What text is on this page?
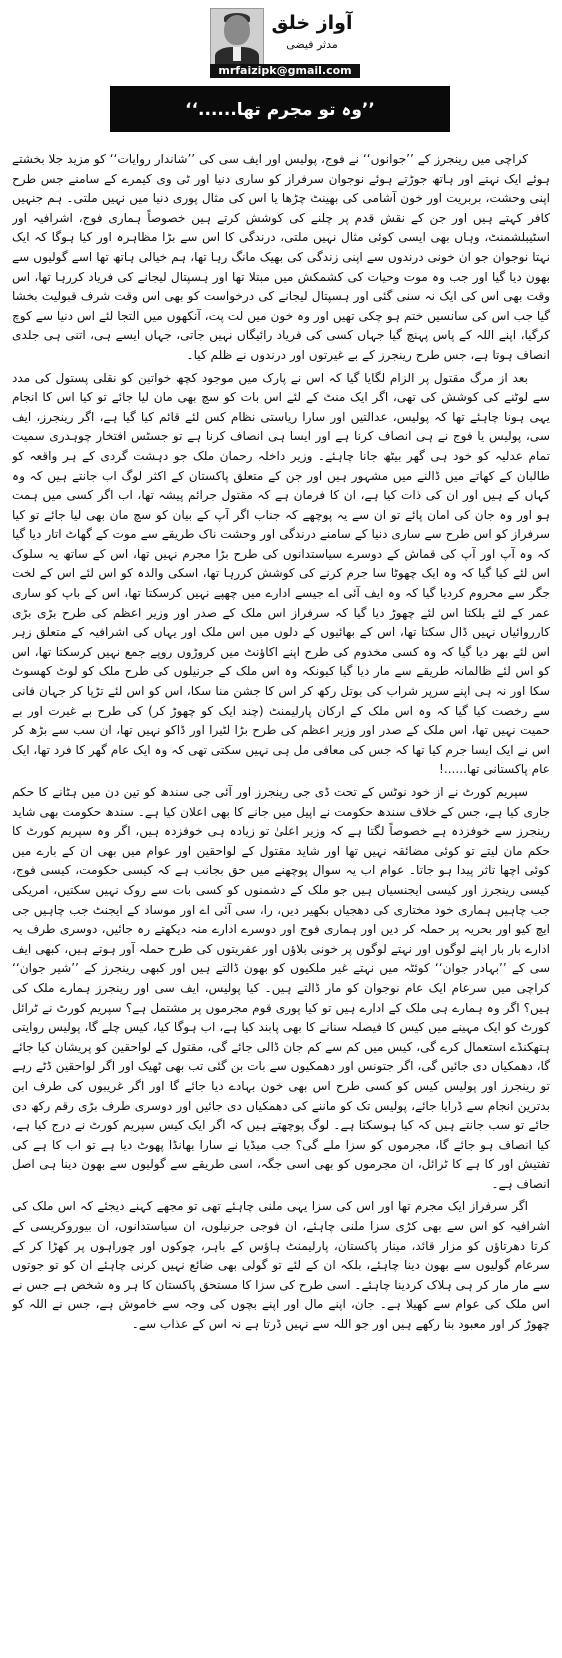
آواز خلق
مدثر فیضی
mrfaizipk@gmail.com
’’وہ تو مجرم تھا......‘‘

کراچی میں رینجرز کے ’’جوانوں‘‘ نے فوج، پولیس اور ایف سی کی ’’شاندار روایات‘‘ کو مزید جلا بخشتے ہوئے ایک نہتے اور ہاتھ جوڑتے ہوئے نوجوان سرفراز کو ساری دنیا اور ٹی وی کیمرے کے سامنے جس طرح اپنی وحشت، بربریت اور خون آشامی کی بھینٹ چڑھا یا اس کی مثال پوری دنیا میں نہیں ملتی۔ ہم جنہیں کافر کہتے ہیں اور جن کے نقش قدم پر چلنے کی کوشش کرتے ہیں خصوصاً ہماری فوج، اشرافیہ اور اسٹیبلشمنٹ، وہاں بھی ایسی کوئی مثال نہیں ملتی، درندگی کا اس سے بڑا مظاہرہ اور کیا ہوگا کہ ایک نہتا نوجوان جو ان خونی درندوں سے اپنی زندگی کی بھیک مانگ رہا تھا، ہم خیالی ہاتھ تھا اسے گولیوں سے بھون دیا گیا اور جب وہ موت وحیات کی کشمکش میں مبتلا تھا اور ہسپتال لیجانے کی فریاد کررہا تھا، اس وقت بھی اس کی ایک نہ سنی گئی اور ہسپتال لیجانے کی درخواست کو بھی اس وقت شرف قبولیت بخشا گیا جب اس کی سانسیں ختم ہو چکی تھیں اور وہ خون میں لت پت، آنکھوں میں التجا لئے اس دنیا سے کوچ کرگیا، اپنے اللہ کے پاس پہنچ گیا جہاں کسی کی فریاد رائیگاں نہیں جاتی، جہاں ایسے ہی، اتنی ہی جلدی انصاف ہوتا ہے، جس طرح رینجرز کے بے غیرتوں اور درندوں نے ظلم کیا۔

بعد از مرگ مقتول پر الزام لگایا گیا کہ اس نے پارک میں موجود کچھ خواتین کو نقلی پستول کی مدد سے لوٹنے کی کوشش کی تھی، اگر ایک منٹ کے لئے اس بات کو سچ بھی مان لیا جائے تو کیا اس کا انجام یہی ہونا چاہئے تھا کہ پولیس، عدالتیں اور سارا ریاستی نظام کس لئے قائم کیا گیا ہے، اگر رینجرز، ایف سی، پولیس یا فوج نے ہی انصاف کرنا ہے اور ایسا ہی انصاف کرنا ہے تو جسٹس افتخار چوہدری سمیت تمام عدلیہ کو خود ہی گھر بیٹھ جانا چاہئے۔ وزیر داخلہ رحمان ملک جو دہشت گردی کے ہر واقعہ کو طالبان کے کھاتے میں ڈالنے میں مشہور ہیں اور جن کے متعلق پاکستان کے اکثر لوگ اب جانتے ہیں کہ وہ کہاں کے ہیں اور ان کی ذات کیا ہے، ان کا فرمان ہے کہ مقتول جرائم پیشہ تھا، اب اگر کسی میں ہمت ہو اور وہ جان کی امان پائے تو ان سے یہ پوچھے کہ جناب اگر آپ کے بیان کو سچ مان بھی لیا جائے تو کیا سرفراز کو اس طرح سے ساری دنیا کے سامنے درندگی اور وحشت ناک طریقے سے موت کے گھاٹ اتار دیا گیا کہ وہ آپ اور آپ کی قماش کے دوسرے سیاستدانوں کی طرح بڑا مجرم نہیں تھا، اس کے ساتھ یہ سلوک اس لئے کیا گیا کہ وہ ایک چھوٹا سا جرم کرنے کی کوشش کررہا تھا، اسکی والدہ کو اس لئے اس کے لخت جگر سے محروم کردیا گیا کہ وہ ایف آئی اے جیسے ادارے میں چھپے نہیں کرسکتا تھا، اس کے باپ کو ساری عمر کے لئے بلکتا اس لئے چھوڑ دیا گیا کہ سرفراز اس ملک کے صدر اور وزیر اعظم کی طرح بڑی بڑی کارروائیاں نہیں ڈال سکتا تھا، اس کے بھائیوں کے دلوں میں اس ملک اور یہاں کی اشرافیہ کے متعلق زہر اس لئے بھر دیا گیا کہ وہ کسی مخدوم کی طرح اپنے اکاؤنٹ میں کروڑوں روپے جمع نہیں کرسکتا تھا، اس کو اس لئے ظالمانہ طریقے سے مار دیا گیا کیونکہ وہ اس ملک کے جرنیلوں کی طرح ملک کو لوٹ کھسوٹ سکا اور نہ ہی اپنے سرپر شراب کی بوتل رکھ کر اس کا جشن منا سکا، اس کو اس لئے تڑپا کر جہان فانی سے رخصت کیا گیا کہ وہ اس ملک کے ارکان پارلیمنٹ (چند ایک کو چھوڑ کر) کی طرح بے غیرت اور بے حمیت نہیں تھا، اس ملک کے صدر اور وزیر اعظم کی طرح بڑا لٹیرا اور ڈاکو نہیں تھا، ان سب سے بڑھ کر اس نے ایک ایسا جرم کیا تھا کہ جس کی معافی مل ہی نہیں سکتی تھی کہ وہ ایک عام گھر کا فرد تھا، ایک عام پاکستانی تھا......!

سپریم کورٹ نے از خود نوٹس کے تحت ڈی جی رینجرز اور آئی جی سندھ کو تین دن میں ہٹانے کا حکم جاری کیا ہے، جس کے خلاف سندھ حکومت نے اپیل میں جانے کا بھی اعلان کیا ہے۔ سندھ حکومت بھی شاید رینجرز سے خوفزدہ ہے خصوصاً لگتا ہے کہ وزیر اعلیٰ تو زیادہ ہی خوفزدہ ہیں، اگر وہ سپریم کورٹ کا حکم مان لیتے تو کوئی مضائقہ نہیں تھا اور شاید مقتول کے لواحقین اور عوام میں بھی ان کے بارے میں کوئی اچھا تاثر پیدا ہو جاتا۔ عوام اب یہ سوال پوچھنے میں حق بجانب ہے کہ کیسی حکومت، کیسی فوج، کیسی رینجرز اور کیسی ایجنسیاں ہیں جو ملک کے دشمنوں کو کسی بات سے روک نہیں سکتیں، امریکی جب چاہیں ہماری خود مختاری کی دھجیاں بکھیر دیں، را، سی آئی اے اور موساد کے ایجنٹ جب چاہیں جی ایچ کیو اور بحریہ پر حملہ کر دیں اور ہماری فوج اور دوسرے ادارے منہ دیکھتے رہ جائیں، دوسری طرف یہ ادارے بار بار اپنے لوگوں اور نہتے لوگوں پر خونی بلاؤں اور عفریتوں کی طرح حملہ آور ہوتے ہیں، کبھی ایف سی کے ’’بہادر جوان‘‘ کوئٹہ میں نہتے غیر ملکیوں کو بھون ڈالتے ہیں اور کبھی رینجرز کے ’’شیر جوان‘‘ کراچی میں سرعام ایک عام نوجوان کو مار ڈالتے ہیں۔ کیا پولیس، ایف سی اور رینجرز ہمارے ملک کی ہیں؟ اگر وہ ہمارے ہی ملک کے ادارے ہیں تو کیا پوری قوم مجرموں پر مشتمل ہے؟ سپریم کورٹ نے ٹرائل کورٹ کو ایک مہینے میں کیس کا فیصلہ سنانے کا بھی پابند کیا ہے، اب ہوگا کیا، کیس چلے گا، پولیس روایتی ہتھکنڈے استعمال کرے گی، کیس میں کم سے کم جان ڈالی جائے گی، مقتول کے لواحقین کو پریشان کیا جائے گا، دھمکیاں دی جائیں گی، اگر جتونس اور دھمکیوں سے بات بن گئی تب بھی ٹھیک اور اگر لواحقین ڈٹے رہے تو رینجرز اور پولیس کیس کو کسی طرح اس بھی خون بہادے دیا جائے گا اور اگر غریبوں کی طرف ابن بدترین انجام سے ڈرایا جائے، پولیس تک کو ماننے کی دھمکیاں دی جائیں اور دوسری طرف بڑی رقم رکھ دی جائے تو سب جانتے ہیں کہ کیا ہوسکتا ہے۔ لوگ پوچھتے ہیں کہ اگر ایک کیس سپریم کورٹ نے درج کیا ہے، کیا انصاف ہو جائے گا، مجرموں کو سزا ملے گی؟ جب میڈیا نے سارا بھانڈا پھوٹ دیا ہے تو اب کا ہے کی تفتیش اور کا ہے کا ٹرائل، ان مجرموں کو بھی اسی جگہ، اسی طریقے سے گولیوں سے بھون دینا ہی اصل انصاف ہے۔

اگر سرفراز ایک مجرم تھا اور اس کی سزا یہی ملنی چاہئے تھی تو مجھے کہنے دیجئے کہ اس ملک کی اشرافیہ کو اس سے بھی کڑی سزا ملنی چاہئے، ان فوجی جرنیلوں، ان سیاستدانوں، ان بیوروکریسی کے کرتا دھرتاؤں کو مزار قائد، مینار پاکستان، پارلیمنٹ ہاؤس کے باہر، چوکوں اور چوراہوں پر کھڑا کر کے سرعام گولیوں سے بھون دینا چاہئے، بلکہ ان کے لئے تو گولی بھی ضائع نہیں کرنی چاہئے ان کو تو جوتوں سے مار مار کر ہی ہلاک کردینا چاہئے۔ اسی طرح کی سزا کا مستحق پاکستان کا ہر وہ شخص ہے جس نے اس ملک کی عوام سے کھیلا ہے۔ جان، اپنے مال اور اپنے بچوں کی وجہ سے خاموش ہے، جس نے اللہ کو چھوڑ کر اور معبود بنا رکھے ہیں اور جو اللہ سے نہیں ڈرتا ہے نہ اس کے عذاب سے۔
